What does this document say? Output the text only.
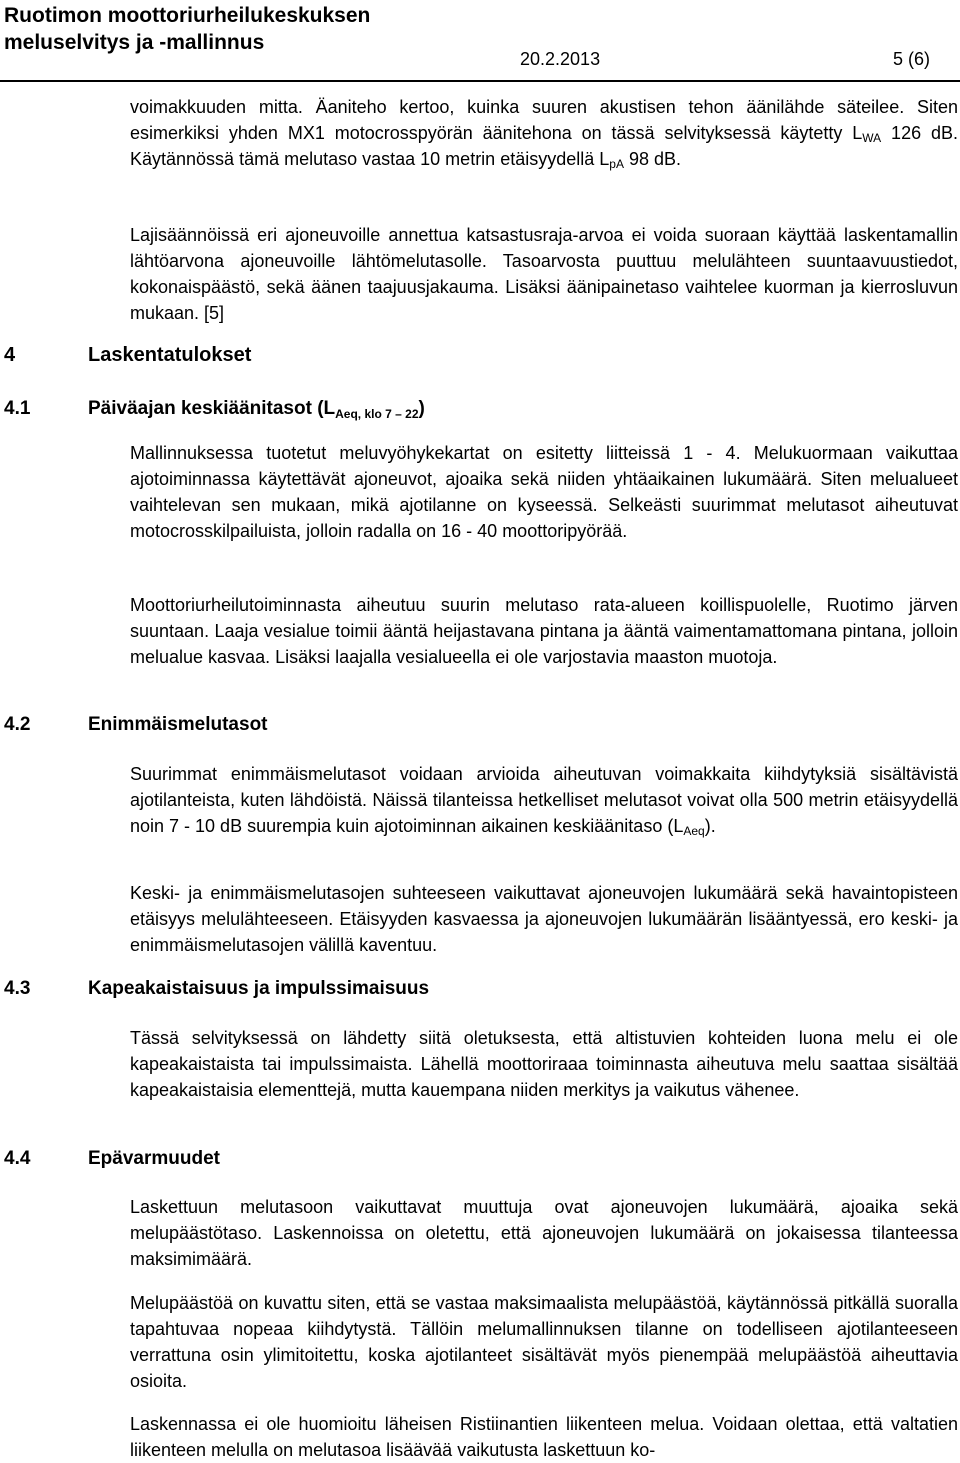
Ruotimon moottoriurheilukeskuksen
meluselvitys ja -mallinnus
20.2.2013	5 (6)

voimakkuuden mitta. Äaniteho kertoo, kuinka suuren akustisen tehon äänilähde säteilee. Siten esimerkiksi yhden MX1 motocrosspyörän äänitehona on tässä selvityksessä käytetty $L_{WA}$ 126 dB. Käytännössä tämä melutaso vastaa 10 metrin etäisyydellä $L_{pA}$ 98 dB.

Lajisäännöissä eri ajoneuvoille annettua katsastusraja-arvoa ei voida suoraan käyttää laskentamallin lähtöarvona ajoneuvoille lähtömelutasolle. Tasoarvosta puuttuu melulähteen suuntaavuustiedot, kokonaispäästö, sekä äänen taajuusjakauma. Lisäksi äänipainetaso vaihtelee kuorman ja kierrosluvun mukaan. [5]

4	Laskentatulokset
4.1	Päiväajan keskiäänitasot $(L_{Aeq, klo 7 - 22})$

Mallinnuksessa tuotetut meluvyöhykekartat on esitetty liitteissä 1 - 4. Melukuormaan vaikuttaa ajotoiminnassa käytettävät ajoneuvot, ajoaika sekä niiden yhtäaikainen lukumäärä. Siten melualueet vaihtelevan sen mukaan, mikä ajotilanne on kyseessä. Selkeästi suurimmat melutasot aiheutuvat motocrosskilpailuista, jolloin radalla on 16 - 40 moottoripyörää.

Moottoriurheilutoiminnasta aiheutuu suurin melutaso rata-alueen koillispuolelle, Ruotimo järven suuntaan. Laaja vesialue toimii ääntä heijastavana pintana ja ääntä vaimentamattomana pintana, jolloin melualue kasvaa. Lisäksi laajalla vesialueella ei ole varjostavia maaston muotoja.

4.2	Enimmäismelutasot

Suurimmat enimmäismelutasot voidaan arvioida aiheutuvan voimakkaita kiihdytyksiä sisältävistä ajotilanteista, kuten lähdöistä. Näissä tilanteissa hetkelliset melutasot voivat olla 500 metrin etäisyydellä noin 7 - 10 dB suurempia kuin ajotoiminnan aikainen keskiäänitaso $(L_{Aeq})$.

Keski- ja enimmäismelutasojen suhteeseen vaikuttavat ajoneuvojen lukumäärä sekä havaintopisteen etäisyys melulähteeseen. Etäisyyden kasvaessa ja ajoneuvojen lukumäärän lisääntyessä, ero keski- ja enimmäismelutasojen välillä kaventuu.

4.3	Kapeakaistaisuus ja impulssimaisuus

Tässä selvityksessä on lähdetty siitä oletuksesta, että altistuvien kohteiden luona melu ei ole kapeakaistaista tai impulssimaista. Lähellä moottoriraaa toiminnasta aiheutuva melu saattaa sisältää kapeakaistaisia elementtejä, mutta kauempana niiden merkitys ja vaikutus vähenee.

4.4	Epävarmuudet

Laskettuun melutasoon vaikuttavat muuttuja ovat ajoneuvojen lukumäärä, ajoaika sekä melupäästötaso. Laskennoissa on oletettu, että ajoneuvojen lukumäärä on jokaisessa tilanteessa maksimimäärä.

Melupäästöä on kuvattu siten, että se vastaa maksimaalista melupäästöä, käytännössä pitkällä suoralla tapahtuvaa nopeaa kiihdytystä. Tällöin melumallinnuksen tilanne on todelliseen ajotilanteeseen verrattuna osin ylimitoitettu, koska ajotilanteet sisältävät myös pienempää melupäästöä aiheuttavia osioita.

Laskennassa ei ole huomioitu läheisen Ristiinantien liikenteen melua. Voidaan olettaa, että valtatien liikenteen melulla on melutasoa lisäävää vaikutusta laskettuun ko-
